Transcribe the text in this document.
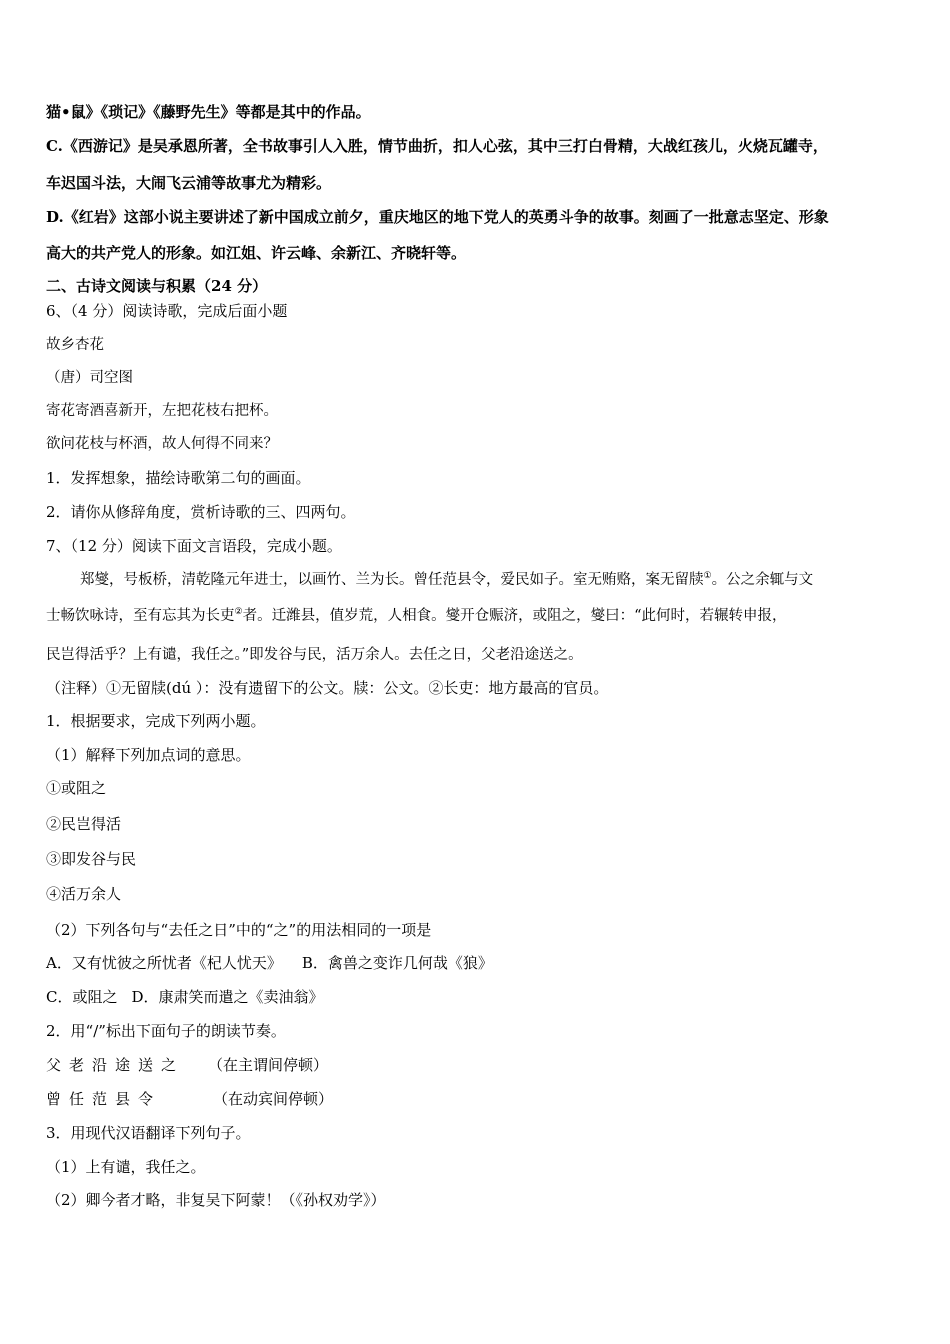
猫•鼠》《琐记》《藤野先生》等都是其中的作品。
C.《西游记》是吴承恩所著，全书故事引人入胜，情节曲折，扣人心弦，其中三打白骨精，大战红孩儿，火烧瓦罐寺，
车迟国斗法，大闹飞云浦等故事尤为精彩。
D.《红岩》这部小说主要讲述了新中国成立前夕，重庆地区的地下党人的英勇斗争的故事。刻画了一批意志坚定、形象
高大的共产党人的形象。如江姐、许云峰、余新江、齐晓轩等。
二、古诗文阅读与积累（24 分）
6、（4 分）阅读诗歌，完成后面小题
故乡杏花
（唐）司空图
寄花寄酒喜新开，左把花枝右把杯。
欲问花枝与杯酒，故人何得不同来？
1．发挥想象，描绘诗歌第二句的画面。
2．请你从修辞角度，赏析诗歌的三、四两句。
7、（12 分）阅读下面文言语段，完成小题。
郑燮，号板桥，清乾隆元年进士，以画竹、兰为长。曾任范县令，爱民如子。室无贿赂，案无留牍①。公之余辄与文
士畅饮咏诗，至有忘其为长吏②者。迁潍县，值岁荒，人相食。燮开仓赈济，或阻之，燮曰：“此何时，若辗转申报，
民岂得活乎？上有谴，我任之。”即发谷与民，活万余人。去任之日，父老沿途送之。
（注释）①无留牍(dú ）：没有遗留下的公文。牍：公文。②长吏：地方最高的官员。
1．根据要求，完成下列两小题。
（1）解释下列加点词的意思。
①或阻之
②民岂得活
③即发谷与民
④活万余人
（2）下列各句与“去任之日”中的“之”的用法相同的一项是
A．又有忧彼之所忧者《杞人忧天》 B．禽兽之变诈几何哉《狼》
C．或阻之 D．康肃笑而遣之《卖油翁》
2．用“/”标出下面句子的朗读节奏。
父老沿途送之 （在主谓间停顿）
曾任范县令	（在动宾间停顿）
3．用现代汉语翻译下列句子。
（1）上有谴，我任之。
（2）卿今者才略，非复吴下阿蒙！（《孙权劝学》）
